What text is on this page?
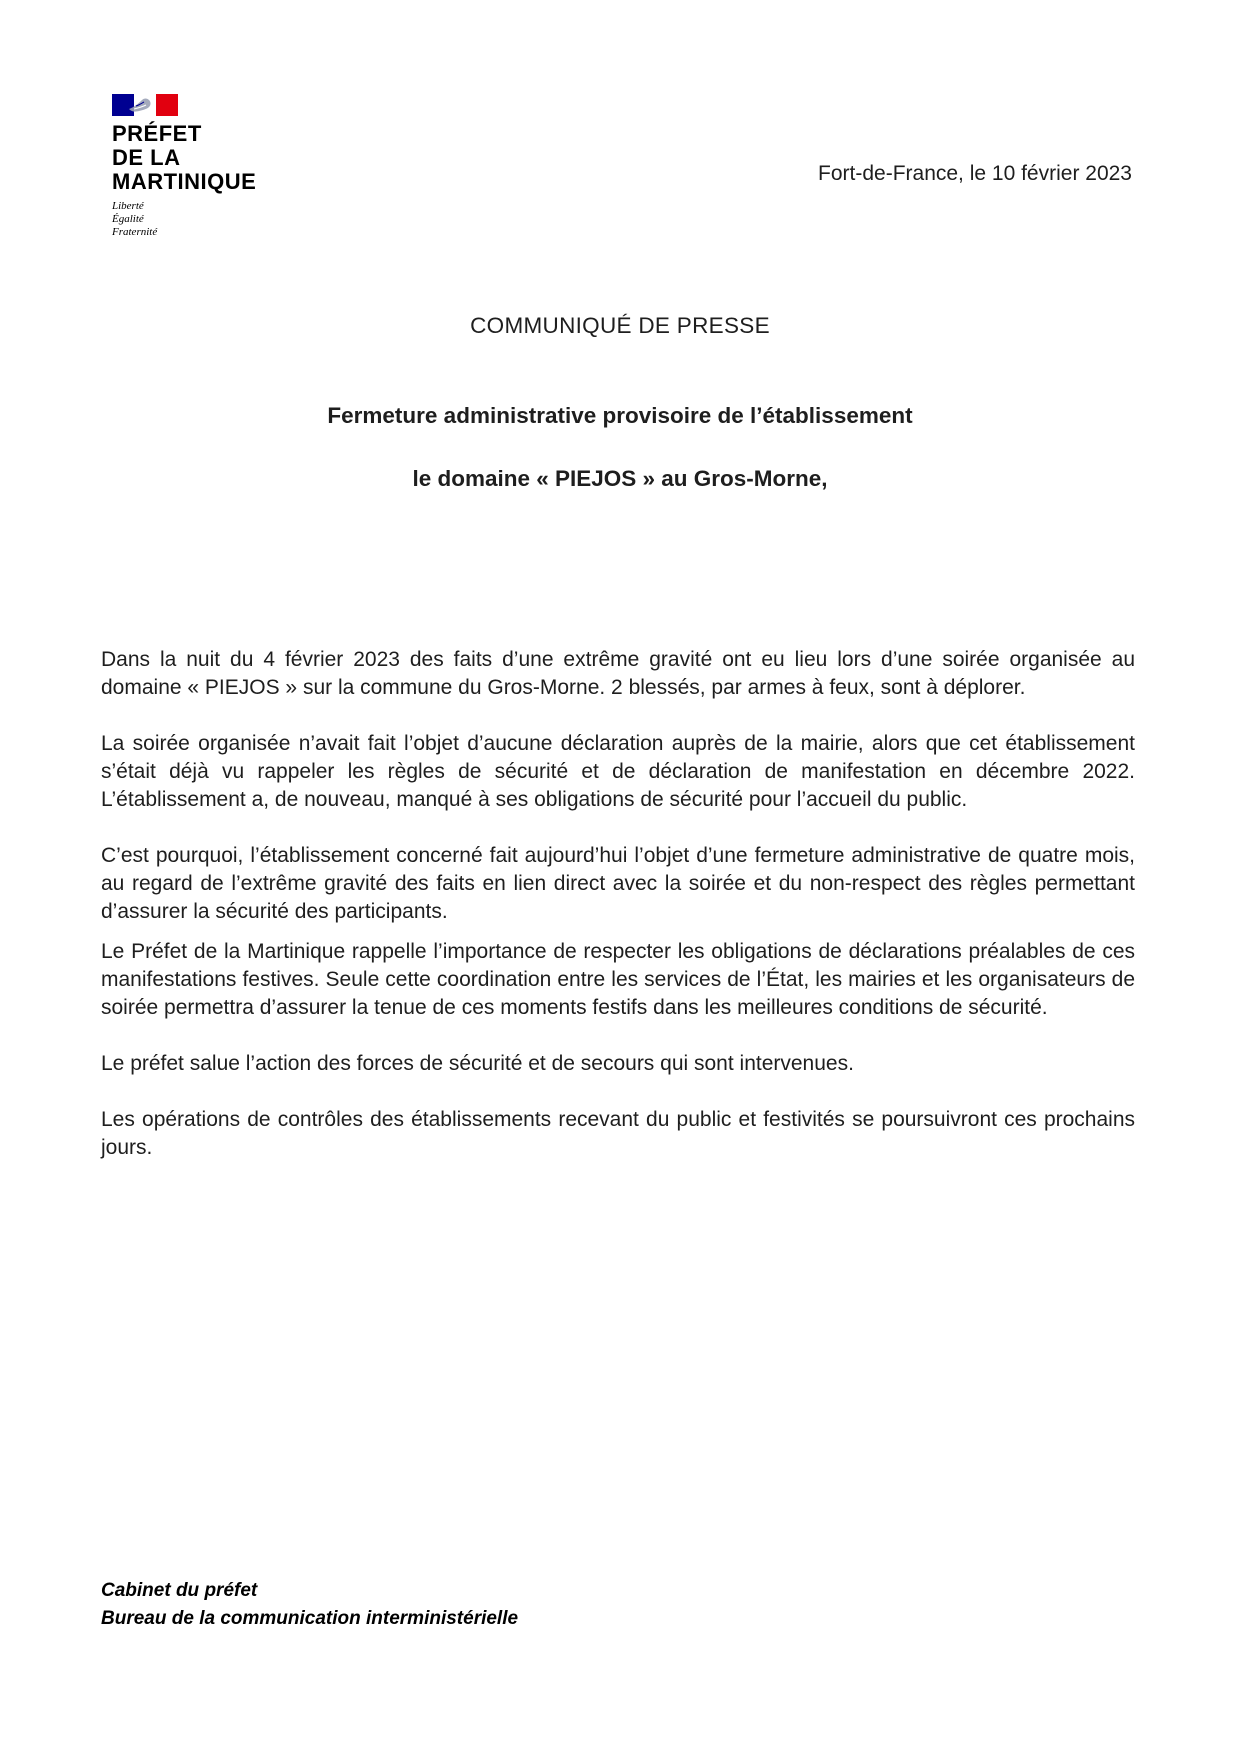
PRÉFET
DE LA
MARTINIQUE
Liberté
Égalité
Fraternité
Fort-de-France, le 10 février 2023
COMMUNIQUÉ DE PRESSE
Fermeture administrative provisoire de l’établissement
le domaine « PIEJOS » au Gros-Morne,

Dans la nuit du 4 février 2023 des faits d’une extrême gravité ont eu lieu lors d’une soirée organisée au domaine « PIEJOS » sur la commune du Gros-Morne. 2 blessés, par armes à feux, sont à déplorer.

La soirée organisée n’avait fait l’objet d’aucune déclaration auprès de la mairie, alors que cet établissement s’était déjà vu rappeler les règles de sécurité et de déclaration de manifestation en décembre 2022. L’établissement a, de nouveau, manqué à ses obligations de sécurité pour l’accueil du public.

C’est pourquoi, l’établissement concerné fait aujourd’hui l’objet d’une fermeture administrative de quatre mois, au regard de l’extrême gravité des faits en lien direct avec la soirée et du non-respect des règles permettant d’assurer la sécurité des participants.

Le Préfet de la Martinique rappelle l’importance de respecter les obligations de déclarations préalables de ces manifestations festives. Seule cette coordination entre les services de l’État, les mairies et les organisateurs de soirée permettra d’assurer la tenue de ces moments festifs dans les meilleures conditions de sécurité.

Le préfet salue l’action des forces de sécurité et de secours qui sont intervenues.

Les opérations de contrôles des établissements recevant du public et festivités se poursuivront ces prochains jours.

Cabinet du préfet
Bureau de la communication interministérielle
